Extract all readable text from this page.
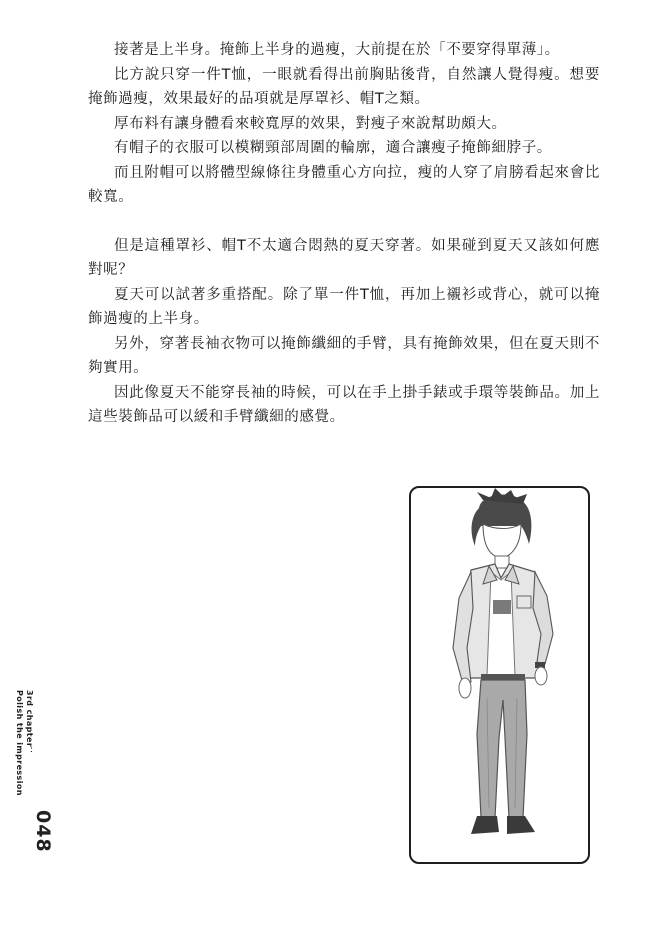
接著是上半身。掩飾上半身的過瘦，大前提在於「不要穿得單薄」。

比方說只穿一件T恤，一眼就看得出前胸貼後背，自然讓人覺得瘦。想要掩飾過瘦，效果最好的品項就是厚罩衫、帽T之類。

厚布料有讓身體看來較寬厚的效果，對瘦子來說幫助頗大。

有帽子的衣服可以模糊頸部周圍的輪廓，適合讓瘦子掩飾細脖子。

而且附帽可以將體型線條往身體重心方向拉，瘦的人穿了肩膀看起來會比較寬。

但是這種罩衫、帽T不太適合悶熱的夏天穿著。如果碰到夏天又該如何應對呢？

夏天可以試著多重搭配。除了單一件T恤，再加上襯衫或背心，就可以掩飾過瘦的上半身。

另外，穿著長袖衣物可以掩飾纖細的手臂，具有掩飾效果，但在夏天則不夠實用。

因此像夏天不能穿長袖的時候，可以在手上掛手錶或手環等裝飾品。加上這些裝飾品可以緩和手臂纖細的感覺。

3rd chapter：
Polish the impression
048
